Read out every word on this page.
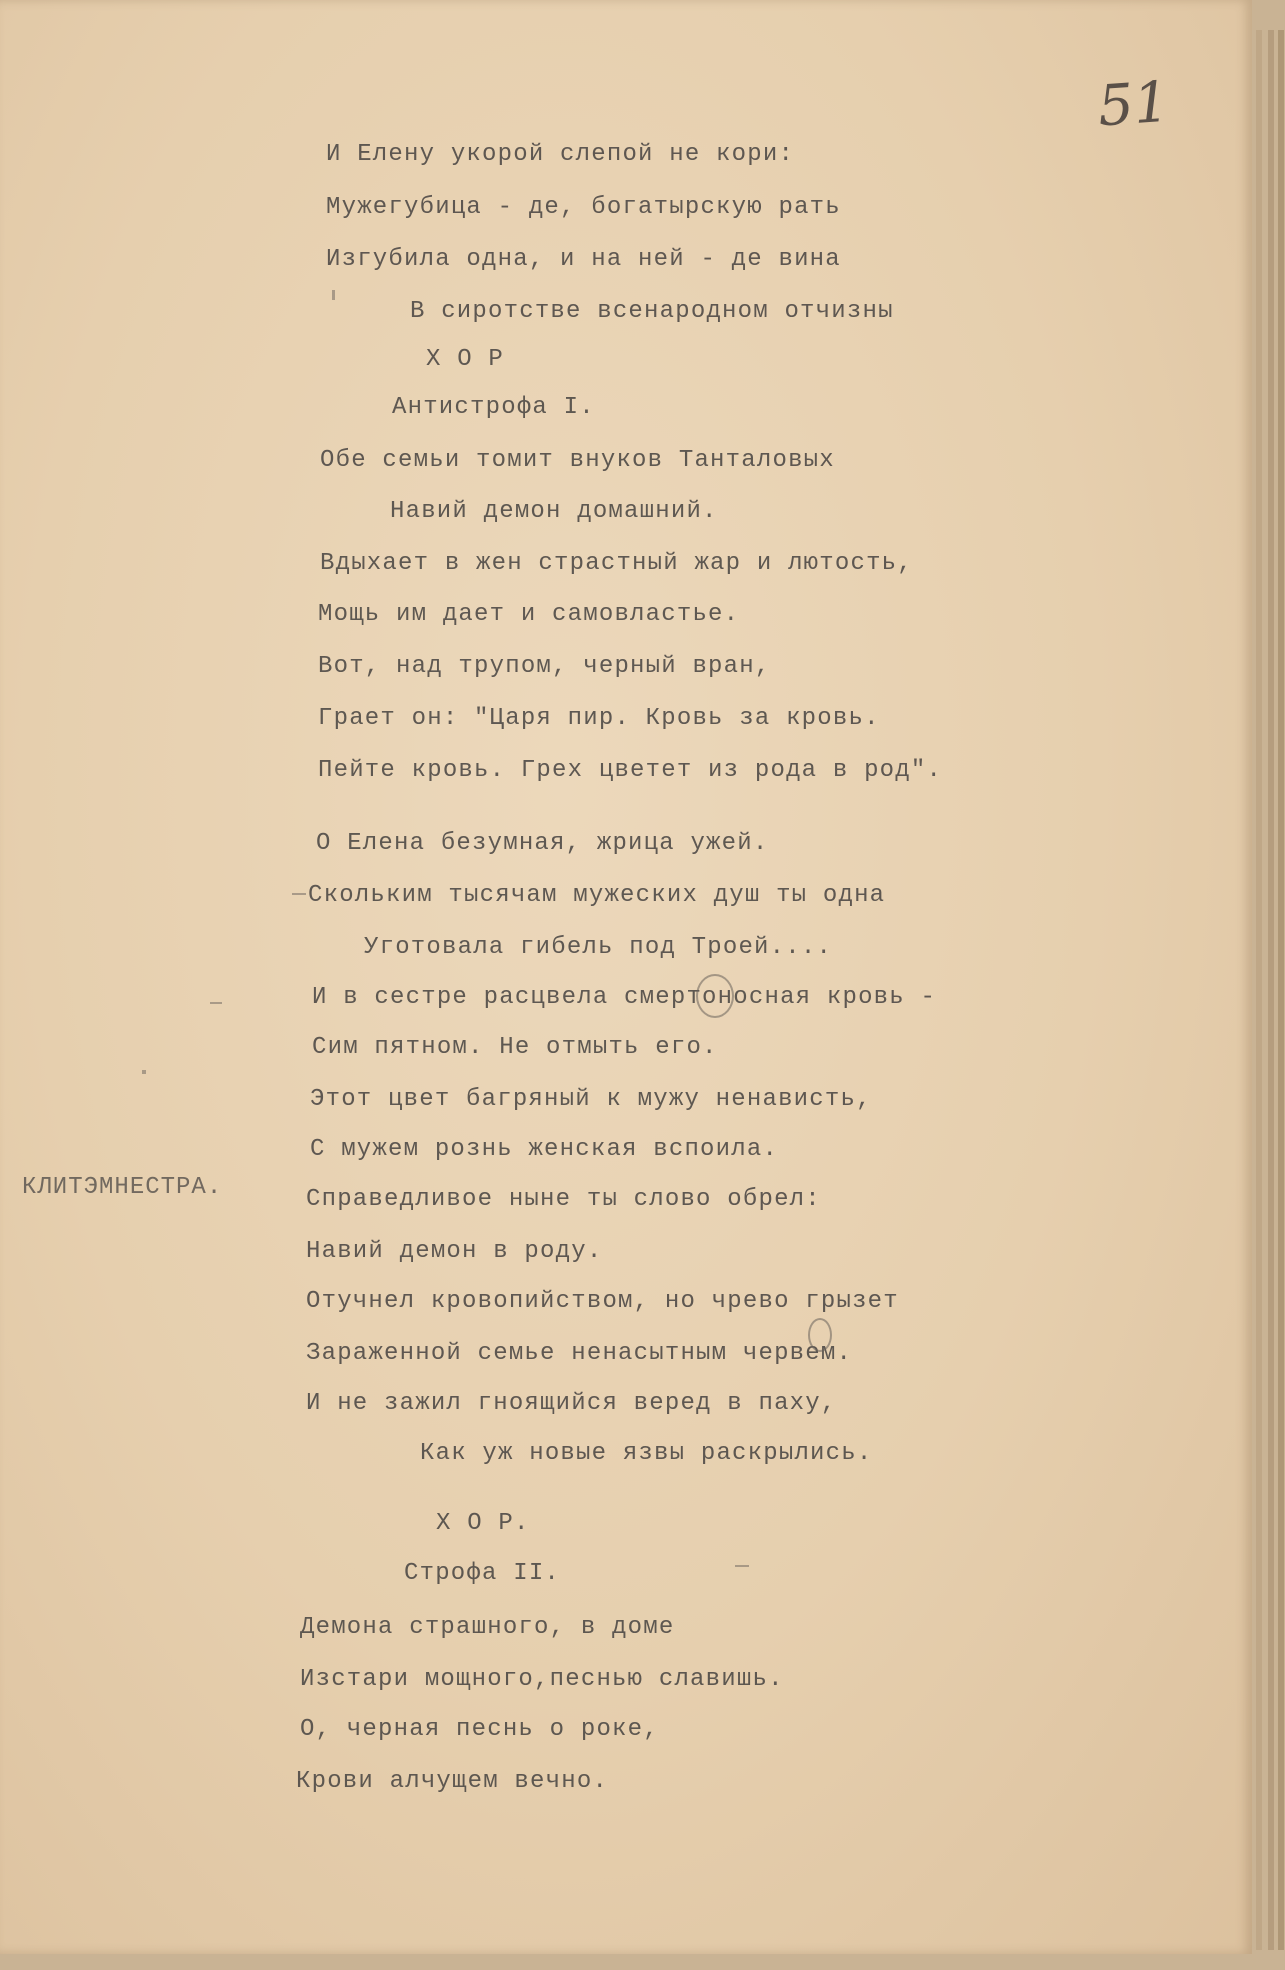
51
И Елену укорой слепой не кори:
Мужегубица - де, богатырскую рать
Изгубила одна, и на ней - де вина
В сиротстве всенародном отчизны
Х О Р
Антистрофа I.
Обе семьи томит внуков Танталовых
Навий демон домашний.
Вдыхает в жен страстный жар и лютость,
Мощь им дает и самовластье.
Вот, над трупом, черный вран,
Грает он: "Царя пир. Кровь за кровь.
Пейте кровь. Грех цветет из рода в род".
О Елена безумная, жрица ужей.
Скольким тысячам мужеских душ ты одна
Уготовала гибель под Троей....
И в сестре расцвела смертоносная кровь -
Сим пятном. Не отмыть его.
Этот цвет багряный к мужу ненависть,
С мужем рознь женская вспоила.
Справедливое ныне ты слово обрел:
Навий демон в роду.
Отучнел кровопийством, но чрево грызет
Зараженной семье ненасытным червем.
И не зажил гноящийся веред в паху,
Как уж новые язвы раскрылись.
Х О Р.
Строфа II.
Демона страшного, в доме
Изстари мощного,песнью славишь.
О, черная песнь о роке,
Крови алчущем вечно.
КЛИТЭМНЕСТРА.
